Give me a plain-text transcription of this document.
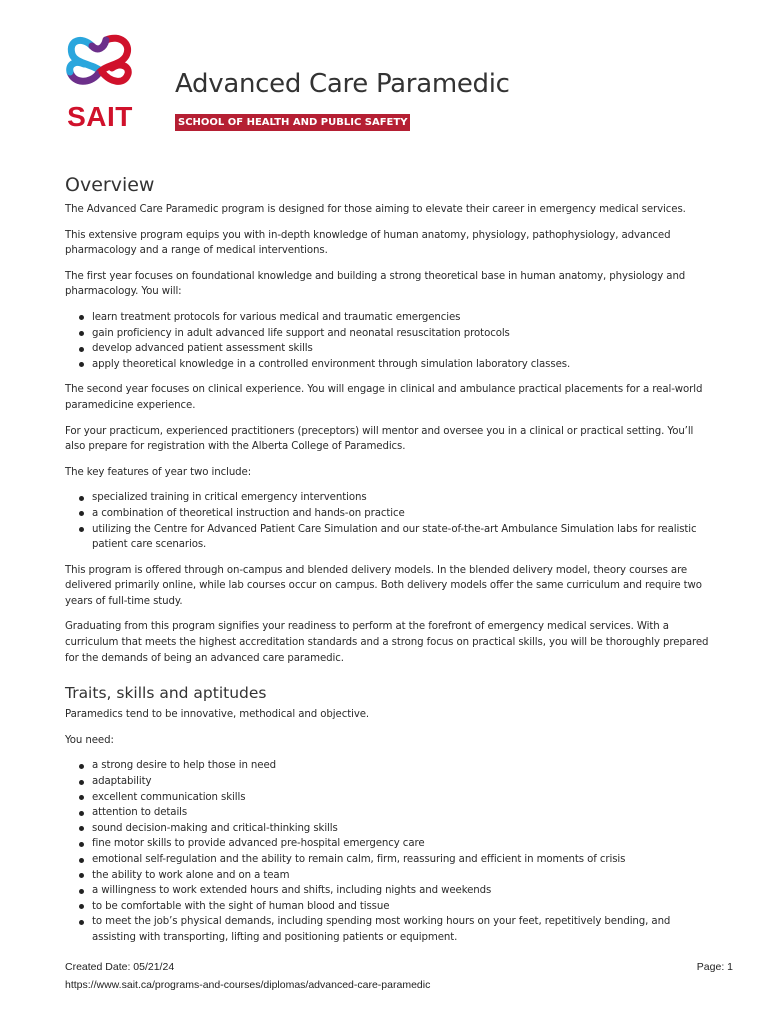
SAIT
Advanced Care Paramedic
SCHOOL OF HEALTH AND PUBLIC SAFETY
Overview

The Advanced Care Paramedic program is designed for those aiming to elevate their career in emergency medical services.

This extensive program equips you with in-depth knowledge of human anatomy, physiology, pathophysiology, advanced pharmacology and a range of medical interventions.

The first year focuses on foundational knowledge and building a strong theoretical base in human anatomy, physiology and pharmacology. You will:

learn treatment protocols for various medical and traumatic emergencies
gain proficiency in adult advanced life support and neonatal resuscitation protocols
develop advanced patient assessment skills
apply theoretical knowledge in a controlled environment through simulation laboratory classes.

The second year focuses on clinical experience. You will engage in clinical and ambulance practical placements for a real-world paramedicine experience.

For your practicum, experienced practitioners (preceptors) will mentor and oversee you in a clinical or practical setting. You’ll also prepare for registration with the Alberta College of Paramedics.

The key features of year two include:

specialized training in critical emergency interventions
a combination of theoretical instruction and hands-on practice
utilizing the Centre for Advanced Patient Care Simulation and our state-of-the-art Ambulance Simulation labs for realistic patient care scenarios.

This program is offered through on-campus and blended delivery models. In the blended delivery model, theory courses are delivered primarily online, while lab courses occur on campus. Both delivery models offer the same curriculum and require two years of full-time study.

Graduating from this program signifies your readiness to perform at the forefront of emergency medical services. With a curriculum that meets the highest accreditation standards and a strong focus on practical skills, you will be thoroughly prepared for the demands of being an advanced care paramedic.

Traits, skills and aptitudes

Paramedics tend to be innovative, methodical and objective.

You need:

a strong desire to help those in need
adaptability
excellent communication skills
attention to details
sound decision-making and critical-thinking skills
fine motor skills to provide advanced pre-hospital emergency care
emotional self-regulation and the ability to remain calm, firm, reassuring and efficient in moments of crisis
the ability to work alone and on a team
a willingness to work extended hours and shifts, including nights and weekends
to be comfortable with the sight of human blood and tissue
to meet the job’s physical demands, including spending most working hours on your feet, repetitively bending, and assisting with transporting, lifting and positioning patients or equipment.
Created Date: 05/21/24	Page: 1
https://www.sait.ca/programs-and-courses/diplomas/advanced-care-paramedic
